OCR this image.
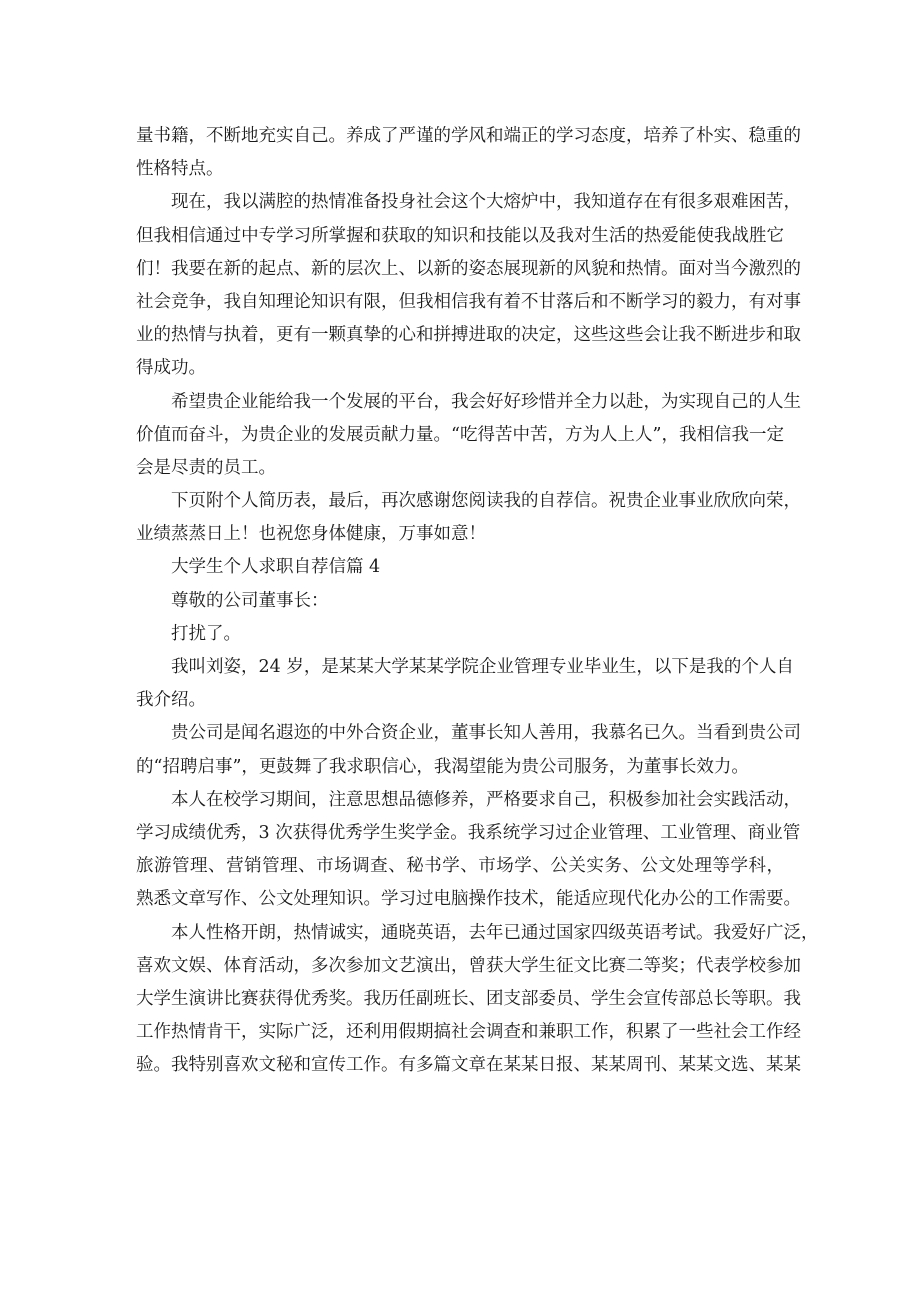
量书籍，不断地充实自己。养成了严谨的学风和端正的学习态度，培养了朴实、稳重的

性格特点。

现在，我以满腔的热情准备投身社会这个大熔炉中，我知道存在有很多艰难困苦，

但我相信通过中专学习所掌握和获取的知识和技能以及我对生活的热爱能使我战胜它

们！我要在新的起点、新的层次上、以新的姿态展现新的风貌和热情。面对当今激烈的

社会竞争，我自知理论知识有限，但我相信我有着不甘落后和不断学习的毅力，有对事

业的热情与执着，更有一颗真挚的心和拼搏进取的决定，这些这些会让我不断进步和取

得成功。

希望贵企业能给我一个发展的平台，我会好好珍惜并全力以赴，为实现自己的人生

价值而奋斗，为贵企业的发展贡献力量。“吃得苦中苦，方为人上人”，我相信我一定

会是尽责的员工。

下页附个人简历表，最后，再次感谢您阅读我的自荐信。祝贵企业事业欣欣向荣，

业绩蒸蒸日上！也祝您身体健康，万事如意！

大学生个人求职自荐信篇 4

尊敬的公司董事长：

打扰了。

我叫刘姿，24 岁，是某某大学某某学院企业管理专业毕业生，以下是我的个人自

我介绍。

贵公司是闻名遐迩的中外合资企业，董事长知人善用，我慕名已久。当看到贵公司

的“招聘启事”，更鼓舞了我求职信心，我渴望能为贵公司服务，为董事长效力。

本人在校学习期间，注意思想品德修养，严格要求自己，积极参加社会实践活动，

学习成绩优秀，3 次获得优秀学生奖学金。我系统学习过企业管理、工业管理、商业管

旅游管理、营销管理、市场调查、秘书学、市场学、公关实务、公文处理等学科，

熟悉文章写作、公文处理知识。学习过电脑操作技术，能适应现代化办公的工作需要。

本人性格开朗，热情诚实，通晓英语，去年已通过国家四级英语考试。我爱好广泛，

喜欢文娱、体育活动，多次参加文艺演出，曾获大学生征文比赛二等奖；代表学校参加

大学生演讲比赛获得优秀奖。我历任副班长、团支部委员、学生会宣传部总长等职。我

工作热情肯干，实际广泛，还利用假期搞社会调查和兼职工作，积累了一些社会工作经

验。我特别喜欢文秘和宣传工作。有多篇文章在某某日报、某某周刊、某某文选、某某
